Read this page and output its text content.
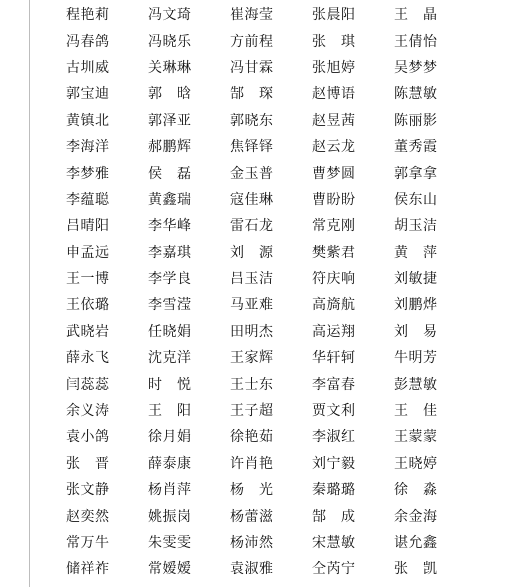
程艳莉	冯文琦	崔海莹	张晨阳	王　晶
冯春鸽	冯晓乐	方前程	张　琪	王倩怡
古圳威	关琳琳	冯甘霖	张旭婷	吴梦梦
郭宝迪	郭　晗	郜　琛	赵博语	陈慧敏
黄镇北	郭泽亚	郭晓东	赵昱茜	陈丽影
李海洋	郝鹏辉	焦铎铎	赵云龙	董秀霞
李梦雅	侯　磊	金玉普	曹梦圆	郭拿拿
李蕴聪	黄鑫瑞	寇佳琳	曹盼盼	侯东山
吕晴阳	李华峰	雷石龙	常克刚	胡玉洁
申孟远	李嘉琪	刘　源	樊紫君	黄　萍
王一博	李学良	吕玉洁	符庆响	刘敏捷
王依璐	李雪滢	马亚难	高旖航	刘鹏烨
武晓岩	任晓娟	田明杰	高运翔	刘　易
薛永飞	沈克洋	王家辉	华轩轲	牛明芳
闫蕊蕊	时　悦	王士东	李富春	彭慧敏
余义涛	王　阳	王子超	贾文利	王　佳
袁小鸽	徐月娟	徐艳茹	李淑红	王蒙蒙
张　晋	薛泰康	许肖艳	刘宁毅	王晓婷
张文静	杨肖萍	杨　光	秦璐璐	徐　淼
赵奕然	姚振岗	杨蕾滋	郜　成	余金海
常万牛	朱雯雯	杨沛然	宋慧敏	谌允鑫
储祥祚	常嫒嫒	袁淑雅	仝芮宁	张　凯
